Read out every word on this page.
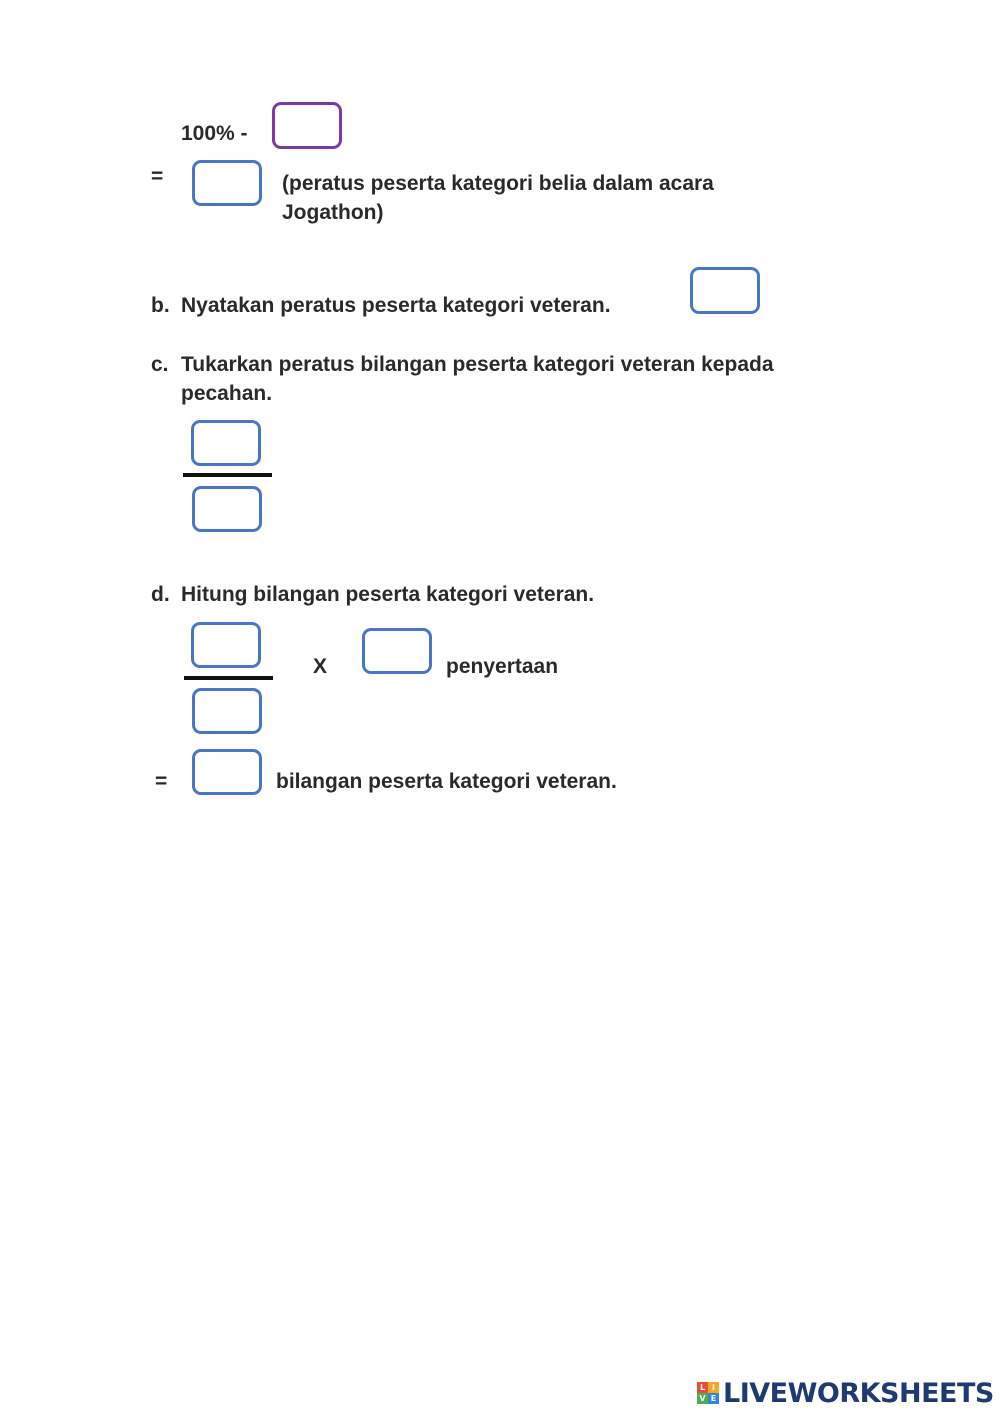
100% -
=	(peratus peserta kategori belia dalam acara
Jogathon)
b. Nyatakan peratus peserta kategori veteran.
c. Tukarkan peratus bilangan peserta kategori veteran kepada
pecahan.
d. Hitung bilangan peserta kategori veteran.
X	penyertaan
=	bilangan peserta kategori veteran.
L I
V E LIVEWORKSHEETS
